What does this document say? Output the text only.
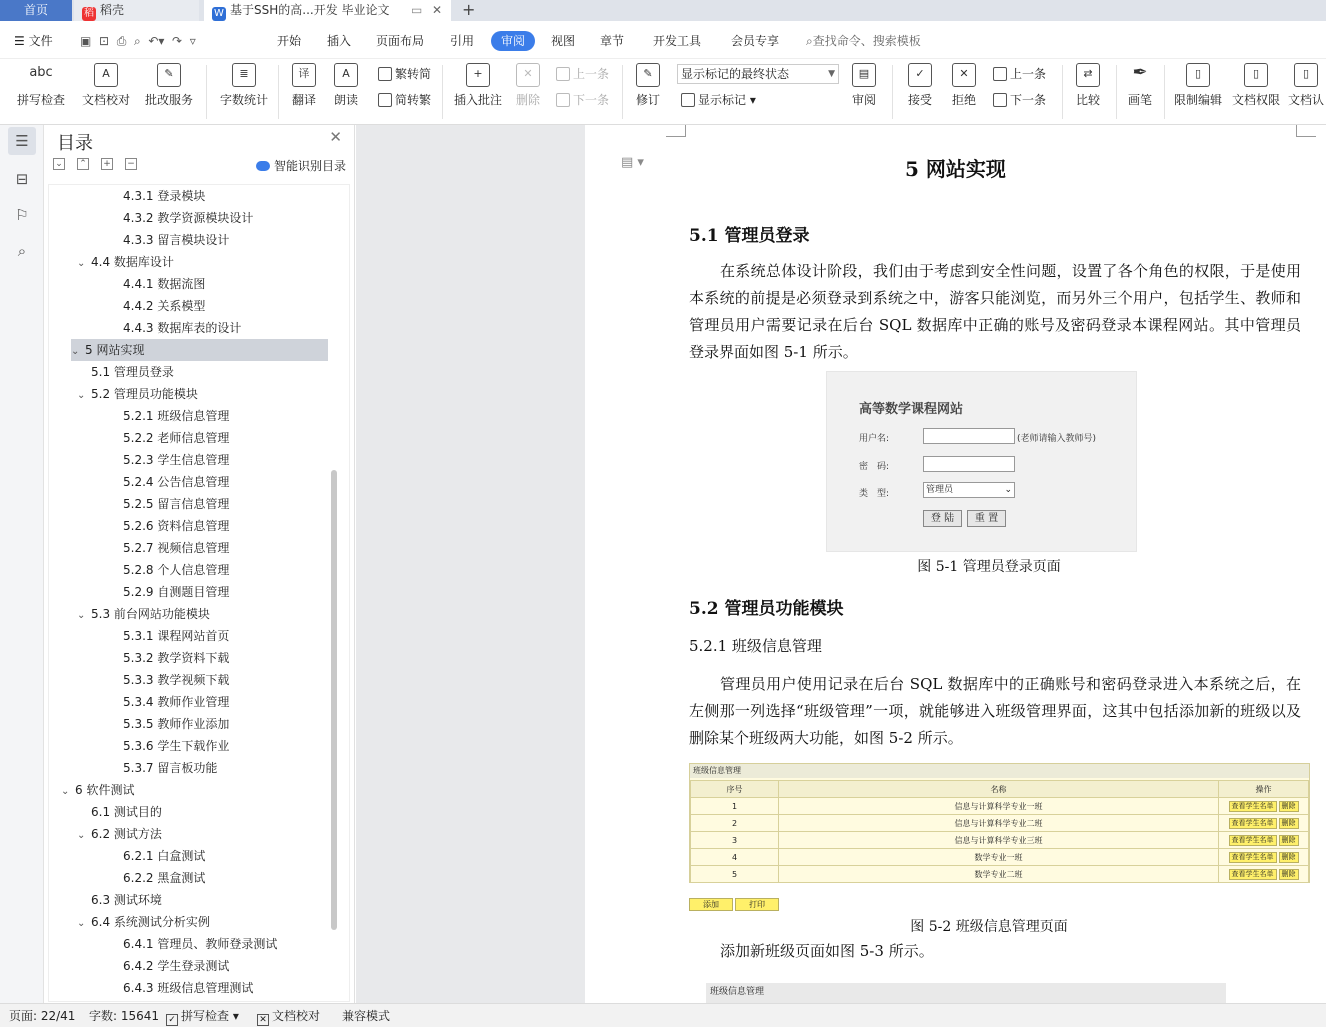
首页	稻 稻壳	W 基于SSH的高...开发 毕业论文 ▭ ✕ +
☰ 文件 ▣ ⊡ ⎙ ⌕ ↶▾  ↷ ▿	开始 插入 页面布局 引用	审阅	视图 章节 开发工具 会员专享 ⌕查找命令、搜索模板
abc
拼写检查
A
文档校对
✎
批改服务
≣
字数统计
译
翻译
A
朗读
繁转简
简转繁
+
插入批注
✕
删除
上一条
下一条
✎
修订
显示标记的最终状态	▼
显示标记 ▾
▤
审阅
✓
接受
✕
拒绝
上一条
下一条
⇄
比较
✒
画笔
▯
限制编辑
▯
文档权限
▯
文档认
☰
⊟
⚐
⌕
目录	✕
⌄ ⌃ + −	智能识别目录
4.3.1 登录模块
4.3.2 教学资源模块设计
4.3.3 留言模块设计
⌄ 4.4 数据库设计
4.4.1 数据流图
4.4.2 关系模型
4.4.3 数据库表的设计
⌄ 5 网站实现
5.1 管理员登录
⌄ 5.2 管理员功能模块
5.2.1 班级信息管理
5.2.2 老师信息管理
5.2.3 学生信息管理
5.2.4 公告信息管理
5.2.5 留言信息管理
5.2.6 资料信息管理
5.2.7 视频信息管理
5.2.8 个人信息管理
5.2.9 自测题目管理
⌄ 5.3 前台网站功能模块
5.3.1 课程网站首页
5.3.2 教学资料下载
5.3.3 教学视频下载
5.3.4 教师作业管理
5.3.5 教师作业添加
5.3.6 学生下载作业
5.3.7 留言板功能
⌄ 6 软件测试
6.1 测试目的
⌄ 6.2 测试方法
6.2.1 白盒测试
6.2.2 黑盒测试
6.3 测试环境
⌄ 6.4 系统测试分析实例
6.4.1 管理员、教师登录测试
6.4.2 学生登录测试
6.4.3 班级信息管理测试
5 网站实现
5.1 管理员登录
在系统总体设计阶段，我们由于考虑到安全性问题，设置了各个角色的权限，于是使用本系统的前提是必须登录到系统之中，游客只能浏览，而另外三个用户，包括学生、教师和管理员用户需要记录在后台 SQL 数据库中正确的账号及密码登录本课程网站。其中管理员登录界面如图 5-1 所示。
高等数学课程网站
用户名:	(老师请输入教师号)
密　码:
类　型:	管理员	⌄
登 陆	重 置
图 5-1 管理员登录页面
5.2 管理员功能模块
5.2.1 班级信息管理
管理员用户使用记录在后台 SQL 数据库中的正确账号和密码登录进入本系统之后，在左侧那一列选择“班级管理”一项，就能够进入班级管理界面，这其中包括添加新的班级以及删除某个班级两大功能，如图 5-2 所示。
班级信息管理
序号	名称	操作
1	信息与计算科学专业一班	查看学生名单 删除
2	信息与计算科学专业二班	查看学生名单 删除
3	信息与计算科学专业三班	查看学生名单 删除
4	数学专业一班	查看学生名单 删除
5	数学专业二班	查看学生名单 删除
添加	打印
图 5-2 班级信息管理页面
添加新班级页面如图 5-3 所示。
班级信息管理
▤ ▾
页面: 22/41 字数: 15641 ✓ 拼写检查 ▾ ✕ 文档校对 兼容模式
